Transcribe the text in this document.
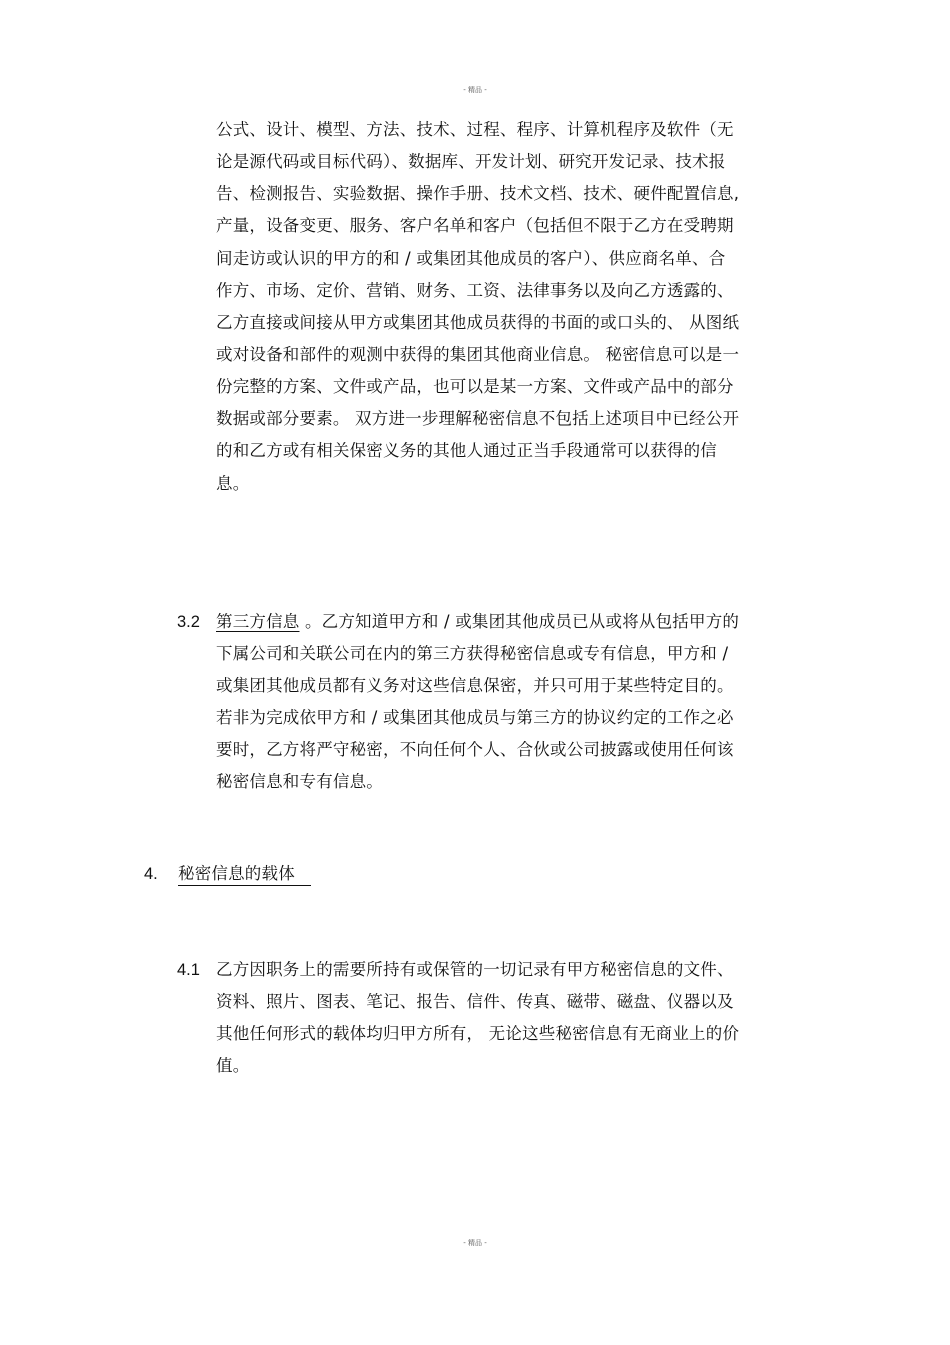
- 精品 -
公式、设计、模型、方法、技术、过程、程序、计算机程序及软件（无
论是源代码或目标代码）、数据库、开发计划、研究开发记录、技术报
告、检测报告、实验数据、操作手册、技术文档、技术、硬件配置信息,
产量，设备变更、服务、客户名单和客户（包括但不限于乙方在受聘期
间走访或认识的甲方的和 / 或集团其他成员的客户）、供应商名单、合
作方、市场、定价、营销、财务、工资、法律事务以及向乙方透露的、
乙方直接或间接从甲方或集团其他成员获得的书面的或口头的、 从图纸
或对设备和部件的观测中获得的集团其他商业信息。 秘密信息可以是一
份完整的方案、文件或产品，也可以是某一方案、文件或产品中的部分
数据或部分要素。 双方进一步理解秘密信息不包括上述项目中已经公开
的和乙方或有相关保密义务的其他人通过正当手段通常可以获得的信
息。
3.2 第三方信息 。乙方知道甲方和 / 或集团其他成员已从或将从包括甲方的
下属公司和关联公司在内的第三方获得秘密信息或专有信息，甲方和 /
或集团其他成员都有义务对这些信息保密，并只可用于某些特定目的。
若非为完成依甲方和 / 或集团其他成员与第三方的协议约定的工作之必
要时，乙方将严守秘密，不向任何个人、合伙或公司披露或使用任何该
秘密信息和专有信息。
4. 秘密信息的载体
4.1 乙方因职务上的需要所持有或保管的一切记录有甲方秘密信息的文件、
资料、照片、图表、笔记、报告、信件、传真、磁带、磁盘、仪器以及
其他任何形式的载体均归甲方所有， 无论这些秘密信息有无商业上的价
值。
- 精品 -
